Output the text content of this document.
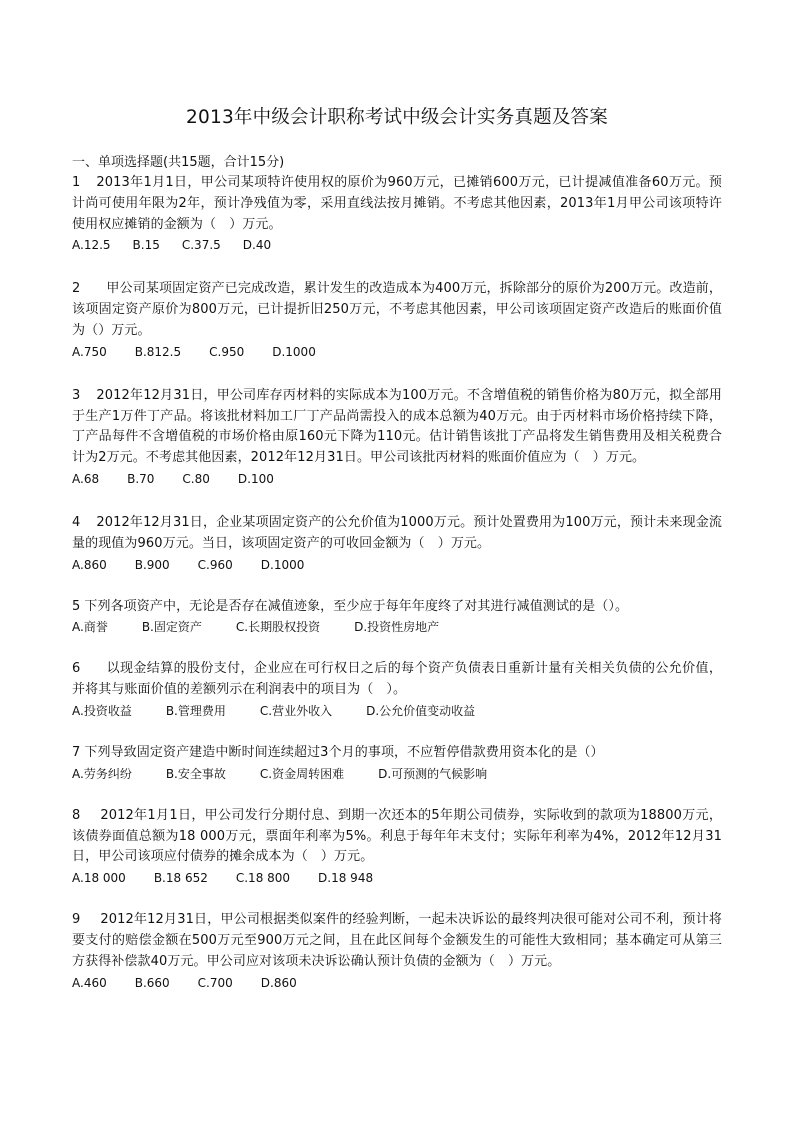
2013年中级会计职称考试中级会计实务真题及答案

一、单项选择题(共15题，合计15分)

1 2013年1月1日，甲公司某项特许使用权的原价为960万元，已摊销600万元，已计提减值准备60万元。预计尚可使用年限为2年，预计净残值为零，采用直线法按月摊销。不考虑其他因素，2013年1月甲公司该项特许使用权应摊销的金额为（　）万元。

A.12.5 B.15 C.37.5 D.40

2 甲公司某项固定资产已完成改造，累计发生的改造成本为400万元，拆除部分的原价为200万元。改造前，该项固定资产原价为800万元，已计提折旧250万元，不考虑其他因素，甲公司该项固定资产改造后的账面价值为（）万元。

A.750 B.812.5 C.950 D.1000

3 2012年12月31日，甲公司库存丙材料的实际成本为100万元。不含增值税的销售价格为80万元，拟全部用于生产1万件丁产品。将该批材料加工厂丁产品尚需投入的成本总额为40万元。由于丙材料市场价格持续下降，丁产品每件不含增值税的市场价格由原160元下降为110元。估计销售该批丁产品将发生销售费用及相关税费合计为2万元。不考虑其他因素，2012年12月31日。甲公司该批丙材料的账面价值应为（　）万元。

A.68 B.70 C.80 D.100

4 2012年12月31日，企业某项固定资产的公允价值为1000万元。预计处置费用为100万元，预计未来现金流量的现值为960万元。当日，该项固定资产的可收回金额为（　）万元。

A.860 B.900 C.960 D.1000

5 下列各项资产中，无论是否存在减值迹象，至少应于每年年度终了对其进行减值测试的是（）。

A.商誉	B.固定资产	C.长期股权投资	D.投资性房地产

6 以现金结算的股份支付，企业应在可行权日之后的每个资产负债表日重新计量有关相关负债的公允价值，并将其与账面价值的差额列示在利润表中的项目为（　）。

A.投资收益	B.管理费用	C.营业外收入	D.公允价值变动收益

7 下列导致固定资产建造中断时间连续超过3个月的事项，不应暂停借款费用资本化的是（）

A.劳务纠纷	B.安全事故	C.资金周转困难	D.可预测的气候影响

8 2012年1月1日，甲公司发行分期付息、到期一次还本的5年期公司债券，实际收到的款项为18800万元，该债券面值总额为18 000万元，票面年利率为5%。利息于每年年末支付；实际年利率为4%，2012年12月31日，甲公司该项应付债券的摊余成本为（　）万元。

A.18 000 B.18 652 C.18 800 D.18 948

9 2012年12月31日，甲公司根据类似案件的经验判断，一起未决诉讼的最终判决很可能对公司不利，预计将要支付的赔偿金额在500万元至900万元之间，且在此区间每个金额发生的可能性大致相同；基本确定可从第三方获得补偿款40万元。甲公司应对该项未决诉讼确认预计负债的金额为（　）万元。

A.460 B.660 C.700 D.860
